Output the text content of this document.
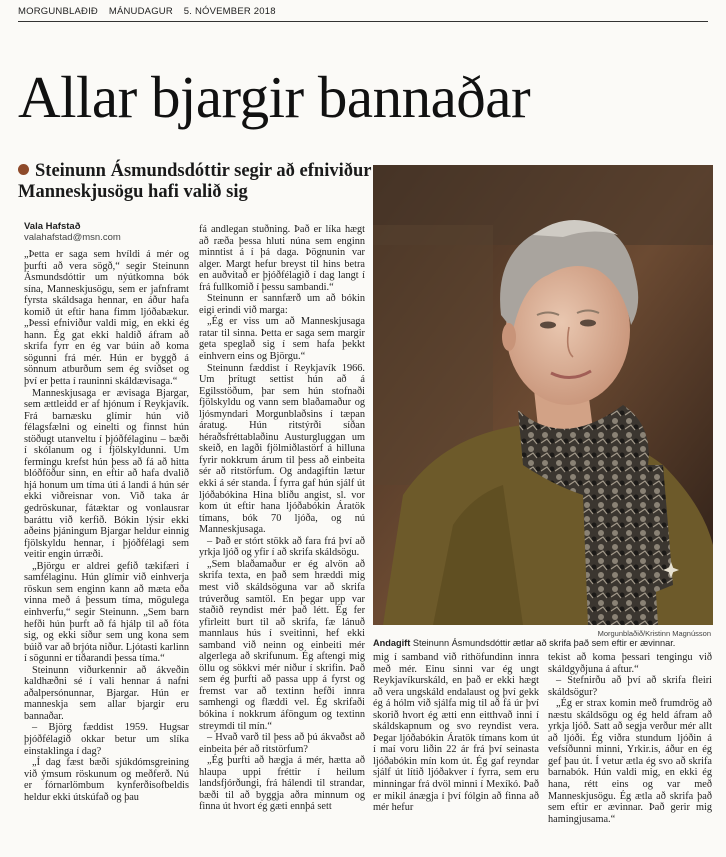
MORGUNBLAÐIÐ MÁNUDAGUR 5. NÓVEMBER 2018
Allar bjargir bannaðar
Steinunn Ásmundsdóttir segir að efniviður Manneskjusögu hafi valið sig
Vala Hafstað
valahafstad@msn.com

„Þetta er saga sem hvíldi á mér og þurfti að vera sögð,“ segir Steinunn Ásmundsdóttir um nýútkomna bók sína, Manneskjusögu, sem er jafnframt fyrsta skáldsaga hennar, en áður hafa komið út eftir hana fimm ljóðabækur. „Þessi efniviður valdi mig, en ekki ég hann. Ég gat ekki haldið áfram að skrifa fyrr en ég var búin að koma sögunni frá mér. Hún er byggð á sönnum atburðum sem ég sviðset og því er þetta í rauninni skáldævisaga.“

Manneskjusaga er ævisaga Bjargar, sem ættleidd er af hjónum í Reykjavík. Frá barnæsku glímir hún við félagsfælni og einelti og finnst hún stöðugt utanveltu í þjóðfélaginu – bæði í skólanum og í fjölskyldunni. Um fermingu krefst hún þess að fá að hitta blóðföður sinn, en eftir að hafa dvalið hjá honum um tíma úti á landi á hún sér ekki viðreisnar von. Við taka ár gedröskunar, fátæktar og vonlausrar baráttu við kerfið. Bókin lýsir ekki aðeins þjáningum Bjargar heldur einnig fjölskyldu hennar, í þjóðfélagi sem veitir engin úrræði.

„Björgu er aldrei gefið tækifæri í samfélaginu. Hún glímir við einhverja röskun sem enginn kann að mæta eða vinna með á þessum tíma, mögulega einhverfu,“ segir Steinunn. „Sem barn hefði hún þurft að fá hjálp til að fóta sig, og ekki síður sem ung kona sem búið var að brjóta niður. Ljótasti karlinn í sögunni er tíðarandi þessa tíma.“

Steinunn viðurkennir að ákveðin kaldhæðni sé í vali hennar á nafni aðalpersónunnar, Bjargar. Hún er manneskja sem allar bjargir eru bannaðar.

– Björg fæddist 1959. Hugsar þjóðfélagið okkar betur um slíka einstaklinga í dag?

„Í dag fæst bæði sjúkdómsgreining við ýmsum röskunum og meðferð. Nú er fórnarlömbum kynferðisofbeldis heldur ekki útskúfað og þau

fá andlegan stuðning. Það er líka hægt að ræða þessa hluti núna sem enginn minntist á í þá daga. Þögnunin var alger. Margt hefur breyst til hins betra en auðvitað er þjóðfélagið í dag langt í frá fullkomið í þessu sambandi.“

Steinunn er sannfærð um að bókin eigi erindi við marga:

„Ég er viss um að Manneskjusaga ratar til sinna. Þetta er saga sem margir geta speglað sig í sem hafa þekkt einhvern eins og Björgu.“

Steinunn fæddist í Reykjavík 1966. Um þrítugt settist hún að á Egilsstöðum, þar sem hún stofnaði fjölskyldu og vann sem blaðamaður og ljósmyndari Morgunblaðsins í tæpan áratug. Hún ritstýrði síðan héraðsfréttablaðinu Austurgluggan um skeið, en lagði fjölmiðlastörf á hilluna fyrir nokkrum árum til þess að einbeita sér að ritstörfum. Og andagiftin lætur ekki á sér standa. Í fyrra gaf hún sjálf út ljóðabókina Hina blíðu angist, sl. vor kom út eftir hana ljóðabókin Áratök tímans, bók 70 ljóða, og nú Manneskjusaga.

– Það er stórt stökk að fara frá því að yrkja ljóð og yfir í að skrifa skáldsögu.

„Sem blaðamaður er ég alvön að skrifa texta, en það sem hræddi mig mest við skáldsöguna var að skrifa trúverðug samtöl. En þegar upp var staðið reyndist mér það létt. Ég fer yfirleitt burt til að skrifa, fæ lánuð mannlaus hús í sveitinni, hef ekki samband við neinn og einbeiti mér algerlega að skrifunum. Ég aftengi mig öllu og sökkvi mér niður í skrifin. Það sem ég þurfti að passa upp á fyrst og fremst var að textinn hefði innra samhengi og flæddi vel. Ég skrifaði bókina í nokkrum áföngum og textinn streymdi til mín.“

– Hvað varð til þess að þú ákvaðst að einbeita þér að ritstörfum?

„Ég þurfti að hægja á mér, hætta að hlaupa uppi fréttir í heilum landsfjórðungi, frá hálendi til strandar, bæði til að byggja aðra minnum og finna út hvort ég gæti ennþá sett

Morgunblaðið/Kristinn Magnússon
Andagift Steinunn Ásmundsdóttir ætlar að skrifa það sem eftir er ævinnar.

mig í samband við rithöfundinn innra með mér. Einu sinni var ég ungt Reykjavíkurskáld, en það er ekki hægt að vera ungskáld endalaust og því gekk ég á hólm við sjálfa mig til að fá úr því skorið hvort ég ætti enn eitthvað inni í skáldskapnum og svo reyndist vera. Þegar ljóðabókin Áratök tímans kom út í maí voru liðin 22 ár frá því seinasta ljóðabókin mín kom út. Ég gaf reyndar sjálf út lítið ljóðakver í fyrra, sem eru minningar frá dvöl minni í Mexíkó. Það er mikil ánægja í því fólgin að finna að mér hefur

tekist að koma þessari tengingu við skáldgyðjuna á aftur.“

– Stefnirðu að því að skrifa fleiri skáldsögur?

„Ég er strax komin með frumdrög að næstu skáldsögu og ég held áfram að yrkja ljóð. Satt að segja verður mér allt að ljóði. Ég viðra stundum ljóðin á vefsíðunni minni, Yrkir.is, áður en ég gef þau út. Í vetur ætla ég svo að skrifa barnabók. Hún valdi mig, en ekki ég hana, rétt eins og var með Manneskjusögu. Ég ætla að skrifa það sem eftir er ævinnar. Það gerir mig hamingjusama.“
